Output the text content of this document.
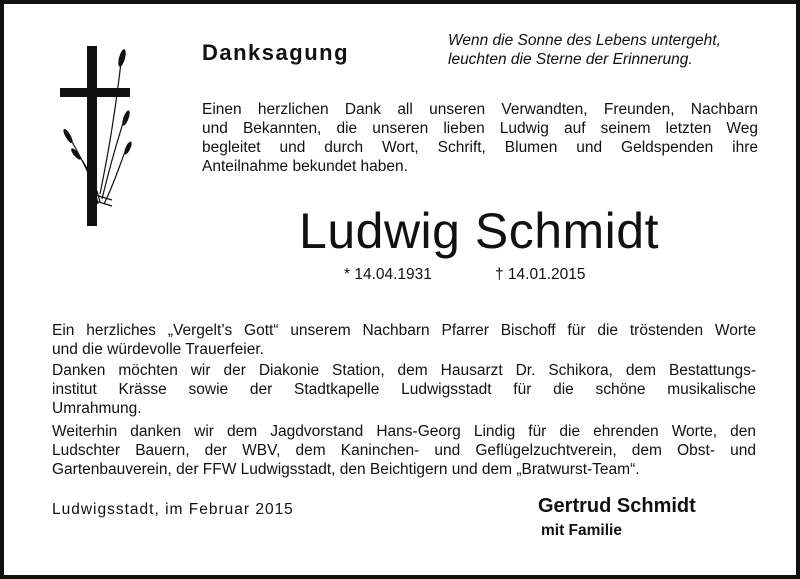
Danksagung	Wenn die Sonne des Lebens untergeht,
leuchten die Sterne der Erinnerung.
Einen herzlichen Dank all unseren Verwandten, Freunden, Nachbarn
und Bekannten, die unseren lieben Ludwig auf seinem letzten Weg
begleitet und durch Wort, Schrift, Blumen und Geldspenden ihre
Anteilnahme bekundet haben.
Ludwig Schmidt
* 14.04.1931	† 14.01.2015
Ein herzliches „Vergelt’s Gott“ unserem Nachbarn Pfarrer Bischoff für die tröstenden Worte
und die würdevolle Trauerfeier.
Danken möchten wir der Diakonie Station, dem Hausarzt Dr. Schikora, dem Bestattungs-
institut Krässe sowie der Stadtkapelle Ludwigsstadt für die schöne musikalische
Umrahmung.
Weiterhin danken wir dem Jagdvorstand Hans-Georg Lindig für die ehrenden Worte, den
Ludschter Bauern, der WBV, dem Kaninchen- und Geflügelzuchtverein, dem Obst- und
Gartenbauverein, der FFW Ludwigsstadt, den Beichtigern und dem „Bratwurst-Team“.
Ludwigsstadt, im Februar 2015	Gertrud Schmidt
mit Familie
